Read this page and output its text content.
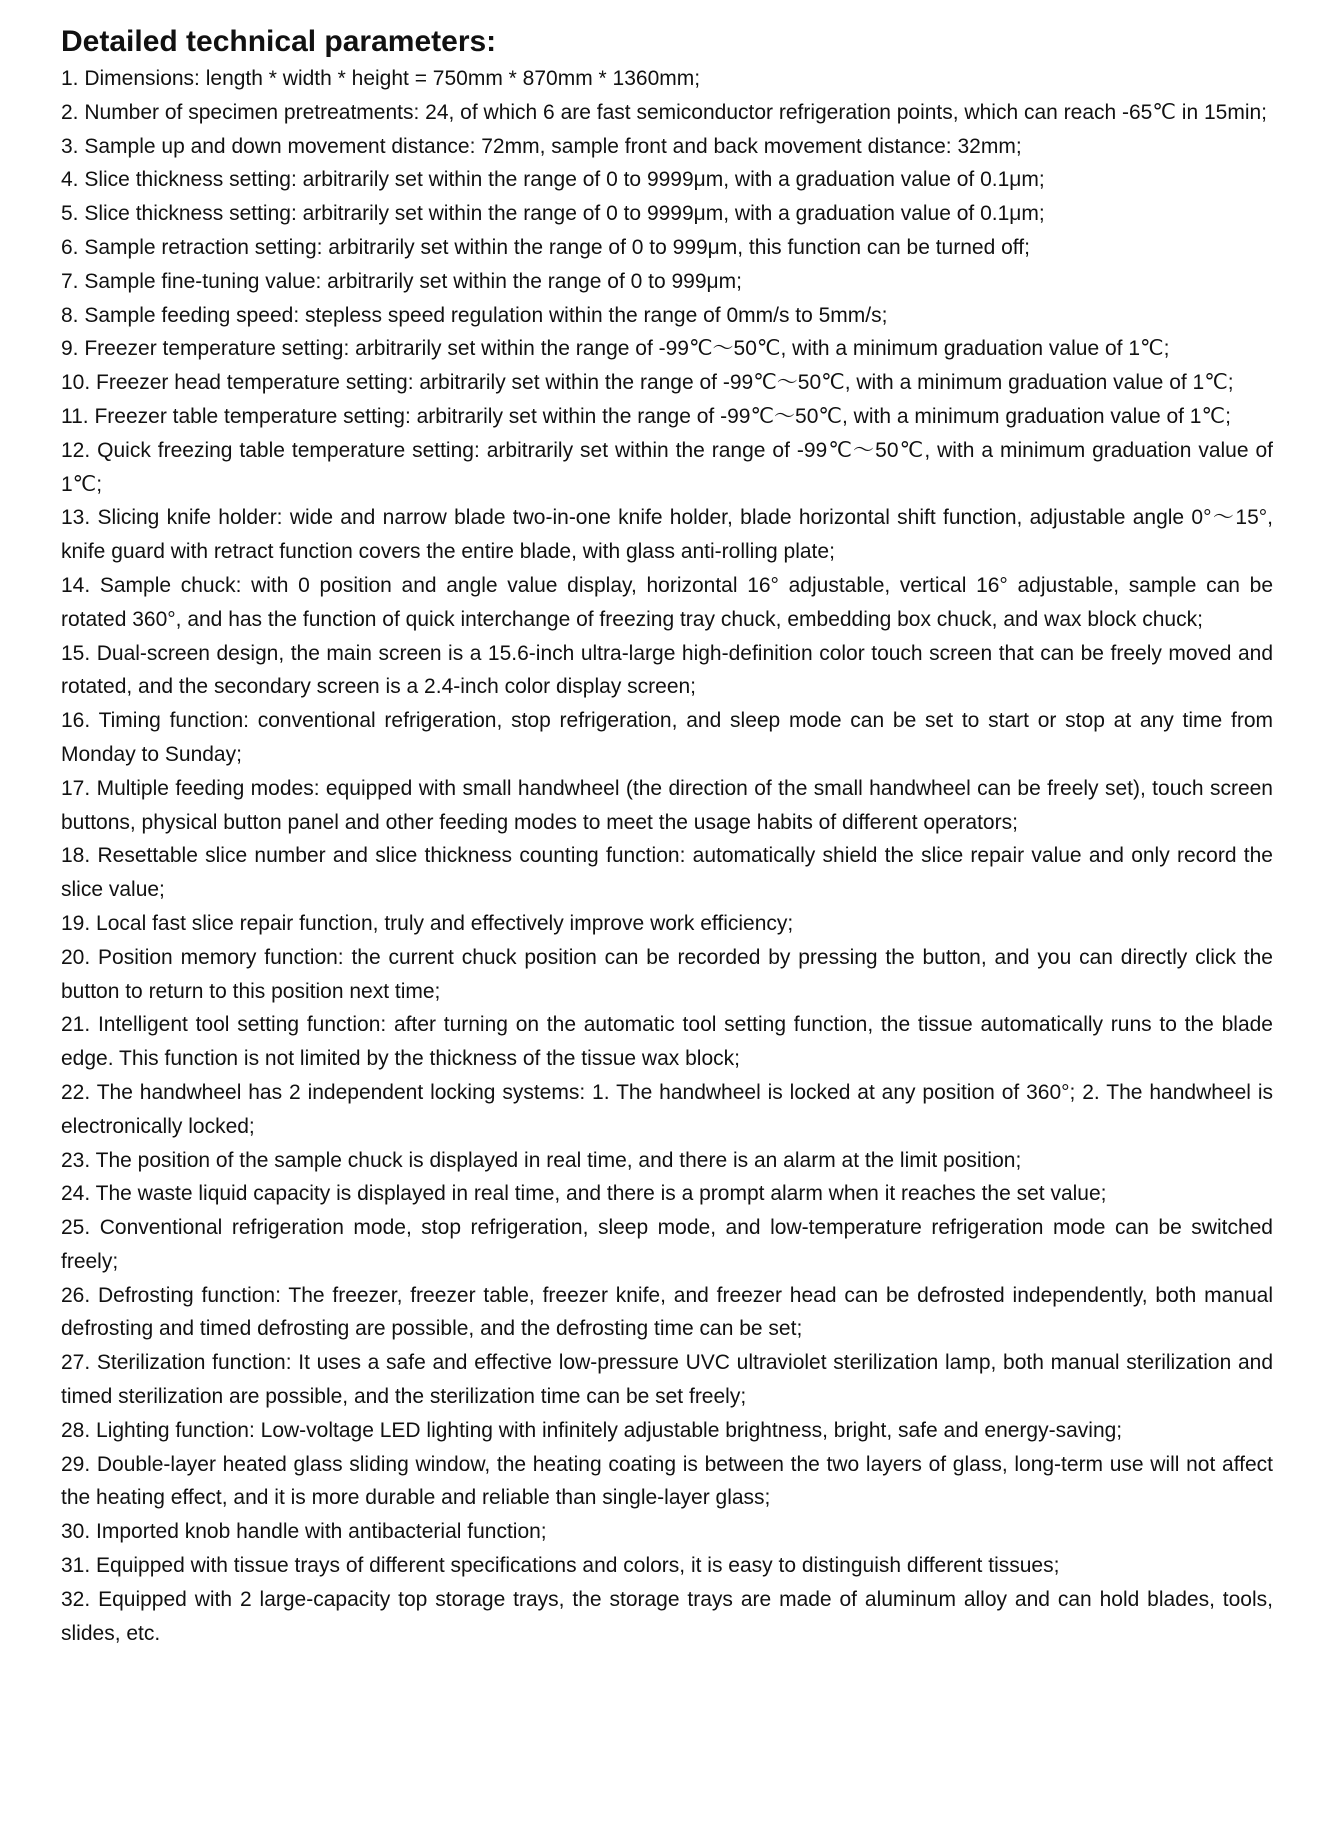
Detailed technical parameters:
1. Dimensions: length * width * height = 750mm * 870mm * 1360mm;
2. Number of specimen pretreatments: 24, of which 6 are fast semiconductor refrigeration points, which can reach -65℃ in 15min;
3. Sample up and down movement distance: 72mm, sample front and back movement distance: 32mm;
4. Slice thickness setting: arbitrarily set within the range of 0 to 9999μm, with a graduation value of 0.1μm;
5. Slice thickness setting: arbitrarily set within the range of 0 to 9999μm, with a graduation value of 0.1μm;
6. Sample retraction setting: arbitrarily set within the range of 0 to 999μm, this function can be turned off;
7. Sample fine-tuning value: arbitrarily set within the range of 0 to 999μm;
8. Sample feeding speed: stepless speed regulation within the range of 0mm/s to 5mm/s;
9. Freezer temperature setting: arbitrarily set within the range of -99℃～50℃, with a minimum graduation value of 1℃;
10. Freezer head temperature setting: arbitrarily set within the range of -99℃～50℃, with a minimum graduation value of 1℃;
11. Freezer table temperature setting: arbitrarily set within the range of -99℃～50℃, with a minimum graduation value of 1℃;
12. Quick freezing table temperature setting: arbitrarily set within the range of -99℃～50℃, with a minimum graduation value of 1℃;
13. Slicing knife holder: wide and narrow blade two-in-one knife holder, blade horizontal shift function, adjustable angle 0°～15°, knife guard with retract function covers the entire blade, with glass anti-rolling plate;
14. Sample chuck: with 0 position and angle value display, horizontal 16° adjustable, vertical 16° adjustable, sample can be rotated 360°, and has the function of quick interchange of freezing tray chuck, embedding box chuck, and wax block chuck;
15. Dual-screen design, the main screen is a 15.6-inch ultra-large high-definition color touch screen that can be freely moved and rotated, and the secondary screen is a 2.4-inch color display screen;
16. Timing function: conventional refrigeration, stop refrigeration, and sleep mode can be set to start or stop at any time from Monday to Sunday;
17. Multiple feeding modes: equipped with small handwheel (the direction of the small handwheel can be freely set), touch screen buttons, physical button panel and other feeding modes to meet the usage habits of different operators;
18. Resettable slice number and slice thickness counting function: automatically shield the slice repair value and only record the slice value;
19. Local fast slice repair function, truly and effectively improve work efficiency;
20. Position memory function: the current chuck position can be recorded by pressing the button, and you can directly click the button to return to this position next time;
21. Intelligent tool setting function: after turning on the automatic tool setting function, the tissue automatically runs to the blade edge. This function is not limited by the thickness of the tissue wax block;
22. The handwheel has 2 independent locking systems: 1. The handwheel is locked at any position of 360°; 2. The handwheel is electronically locked;
23. The position of the sample chuck is displayed in real time, and there is an alarm at the limit position;
24. The waste liquid capacity is displayed in real time, and there is a prompt alarm when it reaches the set value;
25. Conventional refrigeration mode, stop refrigeration, sleep mode, and low-temperature refrigeration mode can be switched freely;
26. Defrosting function: The freezer, freezer table, freezer knife, and freezer head can be defrosted independently, both manual defrosting and timed defrosting are possible, and the defrosting time can be set;
27. Sterilization function: It uses a safe and effective low-pressure UVC ultraviolet sterilization lamp, both manual sterilization and timed sterilization are possible, and the sterilization time can be set freely;
28. Lighting function: Low-voltage LED lighting with infinitely adjustable brightness, bright, safe and energy-saving;
29. Double-layer heated glass sliding window, the heating coating is between the two layers of glass, long-term use will not affect the heating effect, and it is more durable and reliable than single-layer glass;
30. Imported knob handle with antibacterial function;
31. Equipped with tissue trays of different specifications and colors, it is easy to distinguish different tissues;
32. Equipped with 2 large-capacity top storage trays, the storage trays are made of aluminum alloy and can hold blades, tools, slides, etc.
